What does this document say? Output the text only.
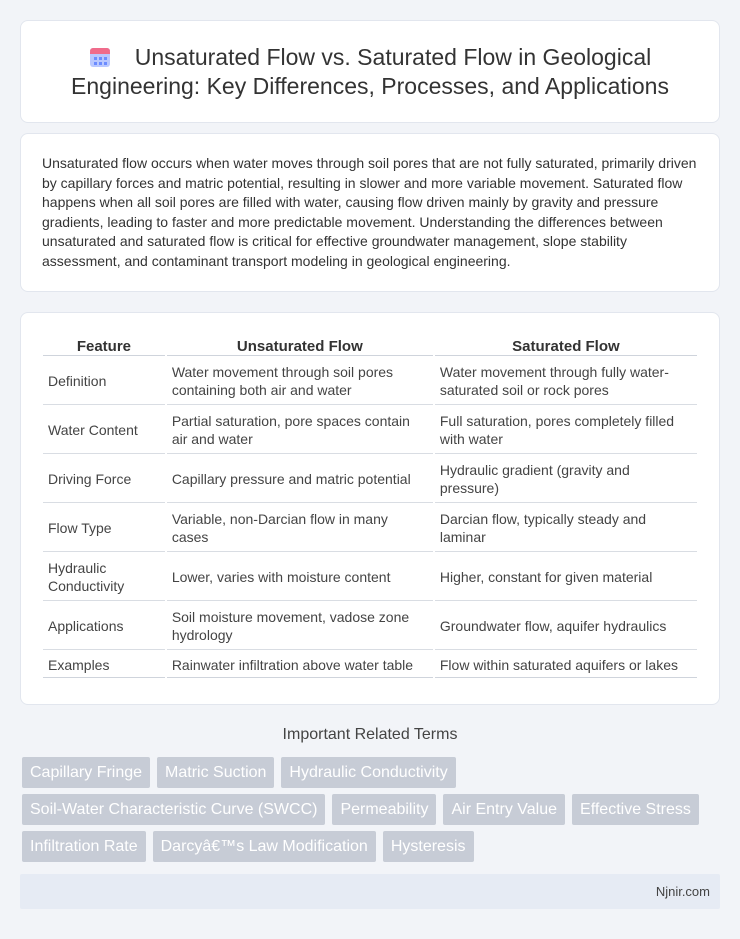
Unsaturated Flow vs. Saturated Flow in Geological Engineering: Key Differences, Processes, and Applications

Unsaturated flow occurs when water moves through soil pores that are not fully saturated, primarily driven by capillary forces and matric potential, resulting in slower and more variable movement. Saturated flow happens when all soil pores are filled with water, causing flow driven mainly by gravity and pressure gradients, leading to faster and more predictable movement. Understanding the differences between unsaturated and saturated flow is critical for effective groundwater management, slope stability assessment, and contaminant transport modeling in geological engineering.

Feature	Unsaturated Flow	Saturated Flow
Definition	Water movement through soil pores containing both air and water	Water movement through fully water-saturated soil or rock pores
Water Content	Partial saturation, pore spaces contain air and water	Full saturation, pores completely filled with water
Driving Force	Capillary pressure and matric potential	Hydraulic gradient (gravity and pressure)
Flow Type	Variable, non-Darcian flow in many cases	Darcian flow, typically steady and laminar
Hydraulic Conductivity	Lower, varies with moisture content	Higher, constant for given material
Applications	Soil moisture movement, vadose zone hydrology	Groundwater flow, aquifer hydraulics
Examples	Rainwater infiltration above water table	Flow within saturated aquifers or lakes
Important Related Terms
Capillary Fringe	Matric Suction	Hydraulic Conductivity
Soil-Water Characteristic Curve (SWCC)	Permeability	Air Entry Value	Effective Stress
Infiltration Rate	Darcyâ€™s Law Modification	Hysteresis
Njnir.com
